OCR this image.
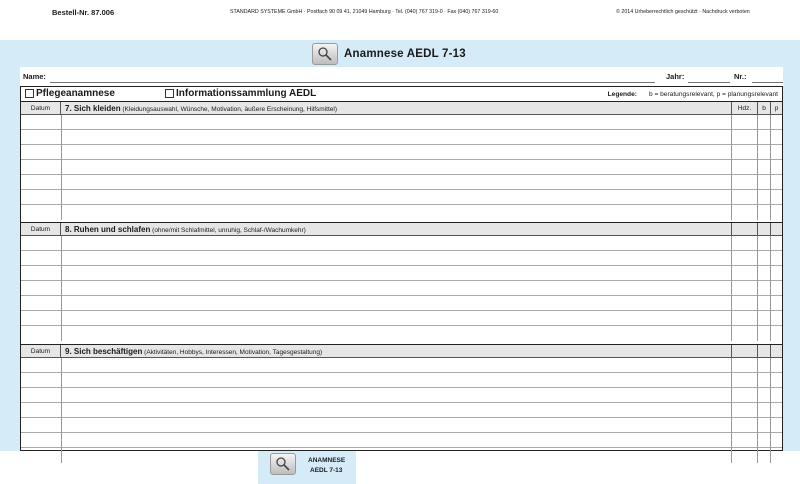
Bestell-Nr. 87.006	STANDARD SYSTEME GmbH · Postfach 90 09 41, 21049 Hamburg · Tel. (040) 767 319-0 · Fax (040) 767 319-60	© 2014 Urheberrechtlich geschützt · Nachdruck verboten
Anamnese AEDL 7-13
Name:	Jahr:	Nr.:
Pflegeanamnese	Informationssammlung AEDL	Legende: b = beratungsrelevant, p = planungsrelevant
Datum	7. Sich kleiden (Kleidungsauswahl, Wünsche, Motivation, äußere Erscheinung, Hilfsmittel)	Hdz.	b	p
Datum	8. Ruhen und schlafen (ohne/mit Schlafmittel, unruhig, Schlaf-/Wachumkehr)
Datum	9. Sich beschäftigen (Aktivitäten, Hobbys, Interessen, Motivation, Tagesgestaltung)
ANAMNESE
AEDL 7-13
